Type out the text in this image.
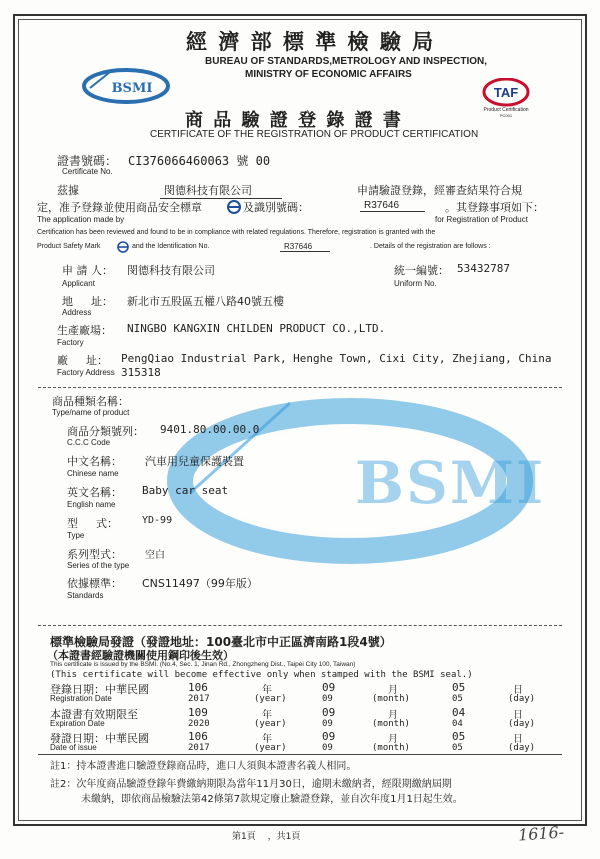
BSMI
經 濟 部 標 準 檢 驗 局
BUREAU OF STANDARDS,METROLOGY AND INSPECTION,
MINISTRY OF ECONOMIC AFFAIRS
BSMI	TAF
Product Certification
PC001
商 品 驗 證 登 錄 證 書
CERTIFICATE OF THE REGISTRATION OF PRODUCT CERTIFICATION
證書號碼： CI376066460063 號 00
Certificate No.
茲據	閔德科技有限公司	申請驗證登錄，經審查結果符合規
定，准予登錄並使用商品安全標章	及識別號碼：	R37646	。其登錄事項如下：
The application made by	for Registration of Product
Certification has been reviewed and found to be in compliance with related regulations. Therefore, registration is granted with the
Product Safety Mark	and the Identification No.	R37646	. Details of the registration are follows :
申 請 人： 閔德科技有限公司
Applicant
統一編號： 53432787
Uniform No.
地 　 址： 新北市五股區五權八路40號五樓
Address
生產廠場： NINGBO KANGXIN CHILDEN PRODUCT CO.,LTD.
Factory
廠 　 址： PengQiao Industrial Park, Henghe Town, Cixi City, Zhejiang, China
315318
Factory Address
商品種類名稱：
Type/name of product
商品分類號列： 9401.80.00.00.0
C.C.C Code
中文名稱： 汽車用兒童保護裝置
Chinese name
英文名稱： Baby car seat
English name
型 　 式： YD-99
Type
系列型式： 空白
Series of the type
依據標準： CNS11497（99年版）
Standards
標準檢驗局發證（發證地址：100臺北市中正區濟南路1段4號）
（本證書經驗證機關使用鋼印後生效）
This certificate is issued by the BSMI. (No.4, Sec. 1, Jinan Rd., Zhongzheng Dist., Taipei City 100, Taiwan)
(This certificate will become effective only when stamped with the BSMI seal.)
登錄日期：中華民國	106	年	09	月	05	日
Registration Date	2017	(year)	09	(month)	05	(day)
本證書有效期限至	109	年	09	月	04	日
Expiration Date	2020	(year)	09	(month)	04	(day)
發證日期：中華民國	106	年	09	月	05	日
Date of issue	2017	(year)	09	(month)	05	(day)
註1：持本證書進口驗證登錄商品時，進口人須與本證書名義人相同。
註2：次年度商品驗證登錄年費繳納期限為當年11月30日，逾期未繳納者，經限期繳納屆期
未繳納，即依商品檢驗法第42條第7款規定廢止驗證登錄，並自次年度1月1日起生效。
第1頁 　，共1頁	1616-
